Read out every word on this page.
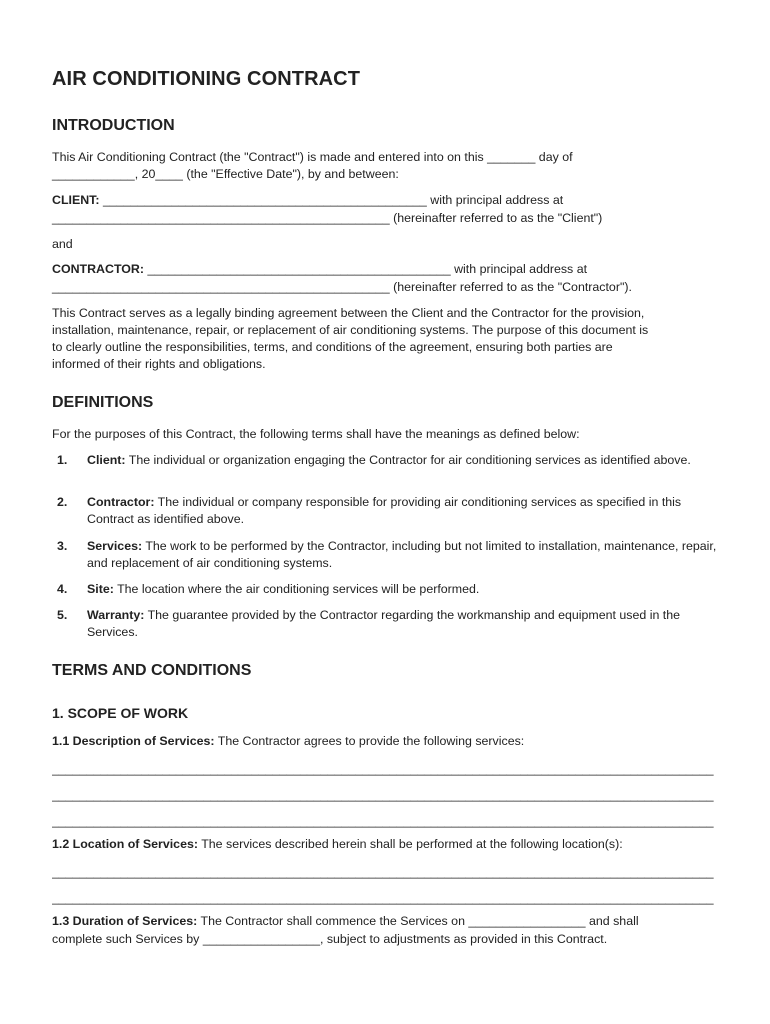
AIR CONDITIONING CONTRACT
INTRODUCTION

This Air Conditioning Contract (the "Contract") is made and entered into on this _______ day of

____________, 20____ (the "Effective Date"), by and between:

CLIENT: _______________________________________________ with principal address at

_________________________________________________ (hereinafter referred to as the "Client")

and

CONTRACTOR: ____________________________________________ with principal address at

_________________________________________________ (hereinafter referred to as the "Contractor").

This Contract serves as a legally binding agreement between the Client and the Contractor for the provision,

installation, maintenance, repair, or replacement of air conditioning systems. The purpose of this document is

to clearly outline the responsibilities, terms, and conditions of the agreement, ensuring both parties are

informed of their rights and obligations.

DEFINITIONS

For the purposes of this Contract, the following terms shall have the meanings as defined below:

1. Client: The individual or organization engaging the Contractor for air conditioning services as identified above.
2. Contractor: The individual or company responsible for providing air conditioning services as specified in this Contract as identified above.
3. Services: The work to be performed by the Contractor, including but not limited to installation, maintenance, repair, and replacement of air conditioning systems.
4. Site: The location where the air conditioning services will be performed.
5. Warranty: The guarantee provided by the Contractor regarding the workmanship and equipment used in the Services.
TERMS AND CONDITIONS
1. SCOPE OF WORK

1.1 Description of Services: The Contractor agrees to provide the following services:

________________________________________________________________________________________________
________________________________________________________________________________________________
________________________________________________________________________________________________

1.2 Location of Services: The services described herein shall be performed at the following location(s):

________________________________________________________________________________________________
________________________________________________________________________________________________

1.3 Duration of Services: The Contractor shall commence the Services on _________________ and shall

complete such Services by _________________, subject to adjustments as provided in this Contract.
